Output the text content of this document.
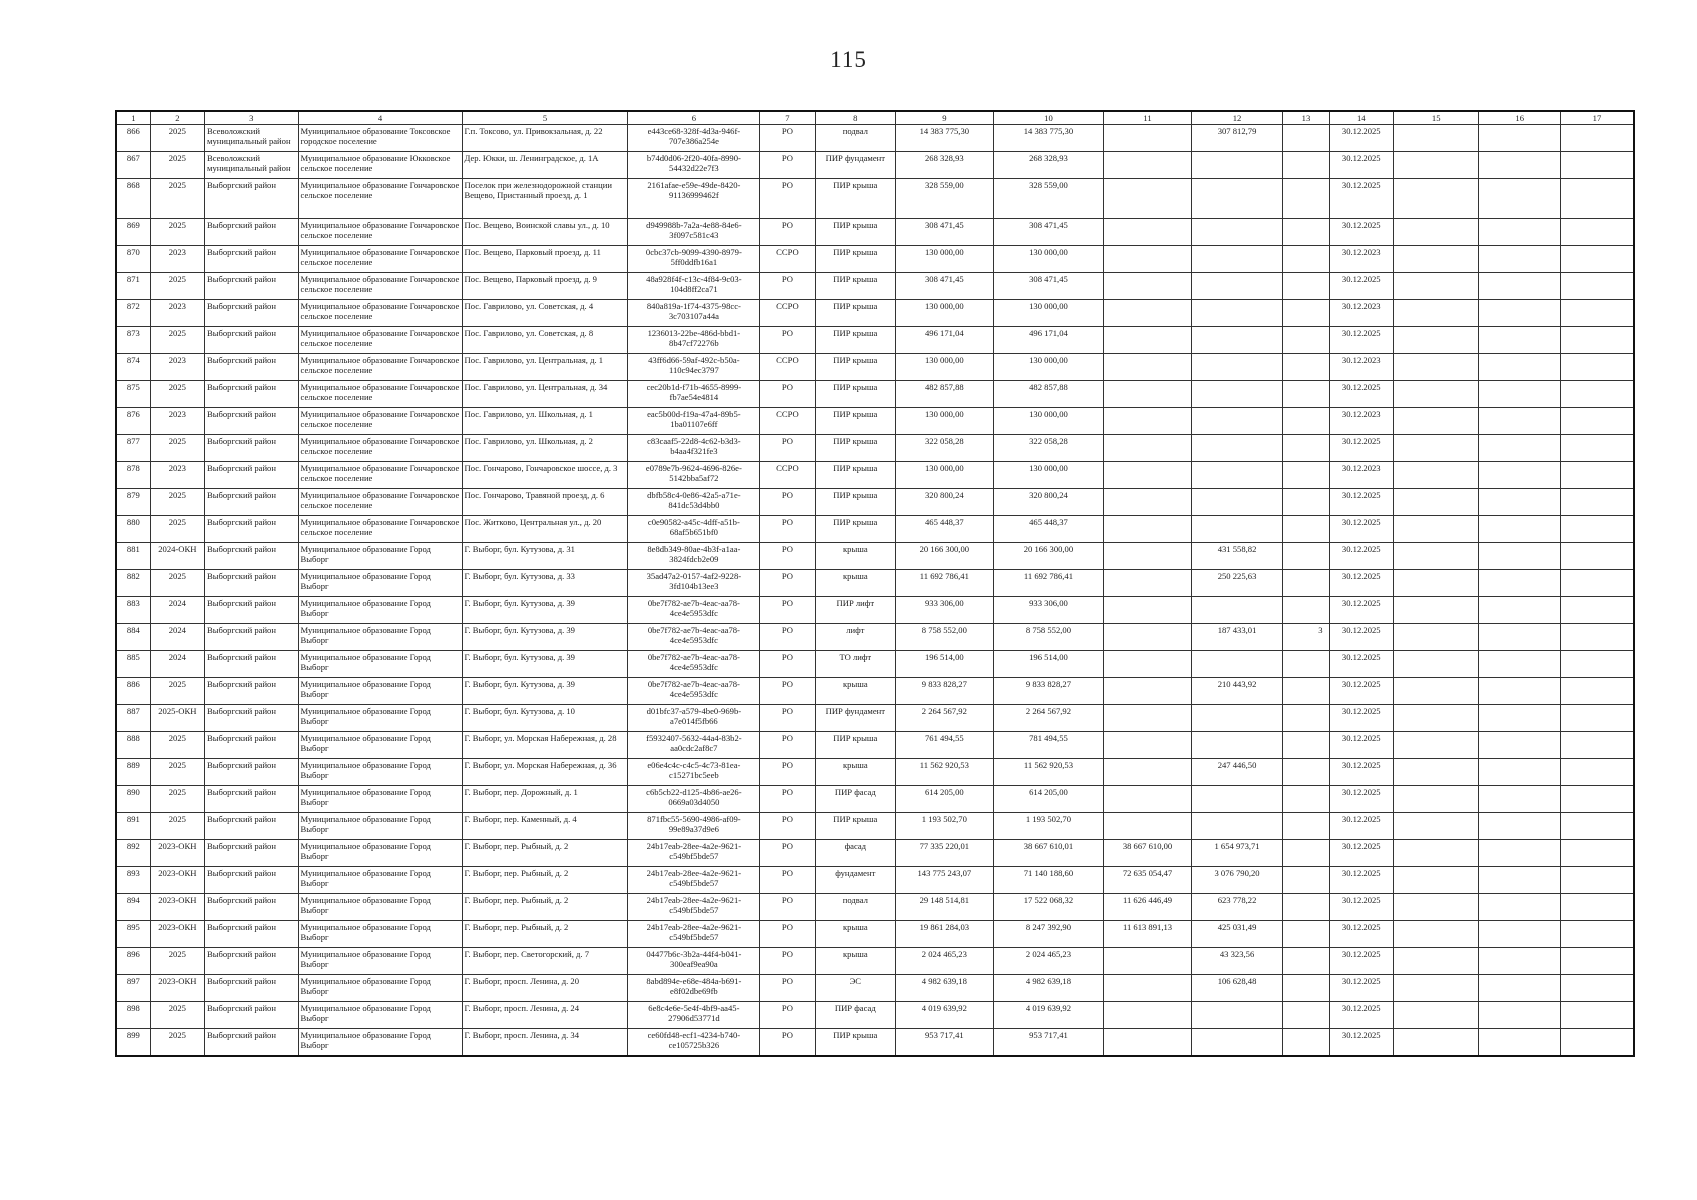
115
1	2	3	4	5	6	7	8	9	10	11	12	13	14	15	16	17
866	2025	Всеволожский муниципальный район	Муниципальное образование Токсовское городское поселение	Г.п. Токсово, ул. Привокзальная, д. 22	e443ce68-328f-4d3a-946f-707e386a254e	РО	подвал	14 383 775,30	14 383 775,30		307 812,79		30.12.2025			
867	2025	Всеволожский муниципальный район	Муниципальное образование Юкковское сельское поселение	Дер. Юкки, ш. Ленинградское, д. 1А	b74d0d06-2f20-40fa-8990-54432d22e7f3	РО	ПИР фундамент	268 328,93	268 328,93				30.12.2025			
868	2025	Выборгский район	Муниципальное образование Гончаровское сельское поселение	Поселок при железнодорожной станции Вещево, Пристанный проезд, д. 1	2161afae-e59e-49de-8420-91136999462f	РО	ПИР крыша	328 559,00	328 559,00				30.12.2025			
869	2025	Выборгский район	Муниципальное образование Гончаровское сельское поселение	Пос. Вещево, Воинской славы ул., д. 10	d949988b-7a2a-4e88-84e6-3f097c581c43	РО	ПИР крыша	308 471,45	308 471,45				30.12.2025			
870	2023	Выборгский район	Муниципальное образование Гончаровское сельское поселение	Пос. Вещево, Парковый проезд, д. 11	0cbc37cb-9099-4390-8979-5ff0ddfb16a1	ССРО	ПИР крыша	130 000,00	130 000,00				30.12.2023			
871	2025	Выборгский район	Муниципальное образование Гончаровское сельское поселение	Пос. Вещево, Парковый проезд, д. 9	48a928f4f-c13c-4f84-9c03-104d8ff2ca71	РО	ПИР крыша	308 471,45	308 471,45				30.12.2025			
872	2023	Выборгский район	Муниципальное образование Гончаровское сельское поселение	Пос. Гаврилово, ул. Советская, д. 4	840a819a-1f74-4375-98cc-3c703107a44a	ССРО	ПИР крыша	130 000,00	130 000,00				30.12.2023			
873	2025	Выборгский район	Муниципальное образование Гончаровское сельское поселение	Пос. Гаврилово, ул. Советская, д. 8	1236013-22be-486d-bbd1-8b47cf72276b	РО	ПИР крыша	496 171,04	496 171,04				30.12.2025			
874	2023	Выборгский район	Муниципальное образование Гончаровское сельское поселение	Пос. Гаврилово, ул. Центральная, д. 1	43ff6d66-59af-492c-b50a-110c94ec3797	ССРО	ПИР крыша	130 000,00	130 000,00				30.12.2023			
875	2025	Выборгский район	Муниципальное образование Гончаровское сельское поселение	Пос. Гаврилово, ул. Центральная, д. 34	cec20b1d-f71b-4655-8999-fb7ae54e4814	РО	ПИР крыша	482 857,88	482 857,88				30.12.2025			
876	2023	Выборгский район	Муниципальное образование Гончаровское сельское поселение	Пос. Гаврилово, ул. Школьная, д. 1	eac5b00d-f19a-47a4-89b5-1ba01107e6ff	ССРО	ПИР крыша	130 000,00	130 000,00				30.12.2023			
877	2025	Выборгский район	Муниципальное образование Гончаровское сельское поселение	Пос. Гаврилово, ул. Школьная, д. 2	c83caaf5-22d8-4c62-b3d3-b4aa4f321fe3	РО	ПИР крыша	322 058,28	322 058,28				30.12.2025			
878	2023	Выборгский район	Муниципальное образование Гончаровское сельское поселение	Пос. Гончарово, Гончаровское шоссе, д. 3	e0789e7b-9624-4696-826e-5142bba5af72	ССРО	ПИР крыша	130 000,00	130 000,00				30.12.2023			
879	2025	Выборгский район	Муниципальное образование Гончаровское сельское поселение	Пос. Гончарово, Травяной проезд, д. 6	dbfb58c4-0e86-42a5-a71e-841dc53d4bb0	РО	ПИР крыша	320 800,24	320 800,24				30.12.2025			
880	2025	Выборгский район	Муниципальное образование Гончаровское сельское поселение	Пос. Житково, Центральная ул., д. 20	c0e90582-a45c-4dff-a51b-68af5b651bf0	РО	ПИР крыша	465 448,37	465 448,37				30.12.2025			
881	2024-ОКН	Выборгский район	Муниципальное образование Город Выборг	Г. Выборг, бул. Кутузова, д. 31	8e8db349-80ae-4b3f-a1aa-3824fdcb2e09	РО	крыша	20 166 300,00	20 166 300,00		431 558,82		30.12.2025			
882	2025	Выборгский район	Муниципальное образование Город Выборг	Г. Выборг, бул. Кутузова, д. 33	35ad47a2-0157-4af2-9228-3fd104b13ee3	РО	крыша	11 692 786,41	11 692 786,41		250 225,63		30.12.2025			
883	2024	Выборгский район	Муниципальное образование Город Выборг	Г. Выборг, бул. Кутузова, д. 39	0be7f782-ae7b-4eac-aa78-4ce4e5953dfc	РО	ПИР лифт	933 306,00	933 306,00				30.12.2025			
884	2024	Выборгский район	Муниципальное образование Город Выборг	Г. Выборг, бул. Кутузова, д. 39	0be7f782-ae7b-4eac-aa78-4ce4e5953dfc	РО	лифт	8 758 552,00	8 758 552,00		187 433,01	3	30.12.2025			
885	2024	Выборгский район	Муниципальное образование Город Выборг	Г. Выборг, бул. Кутузова, д. 39	0be7f782-ae7b-4eac-aa78-4ce4e5953dfc	РО	ТО лифт	196 514,00	196 514,00				30.12.2025			
886	2025	Выборгский район	Муниципальное образование Город Выборг	Г. Выборг, бул. Кутузова, д. 39	0be7f782-ae7b-4eac-aa78-4ce4e5953dfc	РО	крыша	9 833 828,27	9 833 828,27		210 443,92		30.12.2025			
887	2025-ОКН	Выборгский район	Муниципальное образование Город Выборг	Г. Выборг, бул. Кутузова, д. 10	d01bfc37-a579-4be0-969b-a7e014f5fb66	РО	ПИР фундамент	2 264 567,92	2 264 567,92				30.12.2025			
888	2025	Выборгский район	Муниципальное образование Город Выборг	Г. Выборг, ул. Морская Набережная, д. 28	f5932407-5632-44a4-83b2-aa0cdc2af8c7	РО	ПИР крыша	761 494,55	781 494,55				30.12.2025			
889	2025	Выборгский район	Муниципальное образование Город Выборг	Г. Выборг, ул. Морская Набережная, д. 36	e06e4c4c-c4c5-4c73-81ea-c15271bc5eeb	РО	крыша	11 562 920,53	11 562 920,53		247 446,50		30.12.2025			
890	2025	Выборгский район	Муниципальное образование Город Выборг	Г. Выборг, пер. Дорожный, д. 1	c6b5cb22-d125-4b86-ae26-0669a03d4050	РО	ПИР фасад	614 205,00	614 205,00				30.12.2025			
891	2025	Выборгский район	Муниципальное образование Город Выборг	Г. Выборг, пер. Каменный, д. 4	871fbc55-5690-4986-af09-99e89a37d9e6	РО	ПИР крыша	1 193 502,70	1 193 502,70				30.12.2025			
892	2023-ОКН	Выборгский район	Муниципальное образование Город Выборг	Г. Выборг, пер. Рыбный, д. 2	24b17eab-28ee-4a2e-9621-c549bf5bde57	РО	фасад	77 335 220,01	38 667 610,01	38 667 610,00	1 654 973,71		30.12.2025			
893	2023-ОКН	Выборгский район	Муниципальное образование Город Выборг	Г. Выборг, пер. Рыбный, д. 2	24b17eab-28ee-4a2e-9621-c549bf5bde57	РО	фундамент	143 775 243,07	71 140 188,60	72 635 054,47	3 076 790,20		30.12.2025			
894	2023-ОКН	Выборгский район	Муниципальное образование Город Выборг	Г. Выборг, пер. Рыбный, д. 2	24b17eab-28ee-4a2e-9621-c549bf5bde57	РО	подвал	29 148 514,81	17 522 068,32	11 626 446,49	623 778,22		30.12.2025			
895	2023-ОКН	Выборгский район	Муниципальное образование Город Выборг	Г. Выборг, пер. Рыбный, д. 2	24b17eab-28ee-4a2e-9621-c549bf5bde57	РО	крыша	19 861 284,03	8 247 392,90	11 613 891,13	425 031,49		30.12.2025			
896	2025	Выборгский район	Муниципальное образование Город Выборг	Г. Выборг, пер. Светогорский, д. 7	04477b6c-3b2a-44f4-b041-300eaf9ea90a	РО	крыша	2 024 465,23	2 024 465,23		43 323,56		30.12.2025			
897	2023-ОКН	Выборгский район	Муниципальное образование Город Выборг	Г. Выборг, просп. Ленина, д. 20	8abd894e-e68e-484a-b691-e8f02dbe69fb	РО	ЭС	4 982 639,18	4 982 639,18		106 628,48		30.12.2025			
898	2025	Выборгский район	Муниципальное образование Город Выборг	Г. Выборг, просп. Ленина, д. 24	6e8c4e6e-5e4f-4bf9-aa45-27906d53771d	РО	ПИР фасад	4 019 639,92	4 019 639,92				30.12.2025			
899	2025	Выборгский район	Муниципальное образование Город Выборг	Г. Выборг, просп. Ленина, д. 34	ce60fd48-ecf1-4234-b740-ce105725b326	РО	ПИР крыша	953 717,41	953 717,41				30.12.2025			
